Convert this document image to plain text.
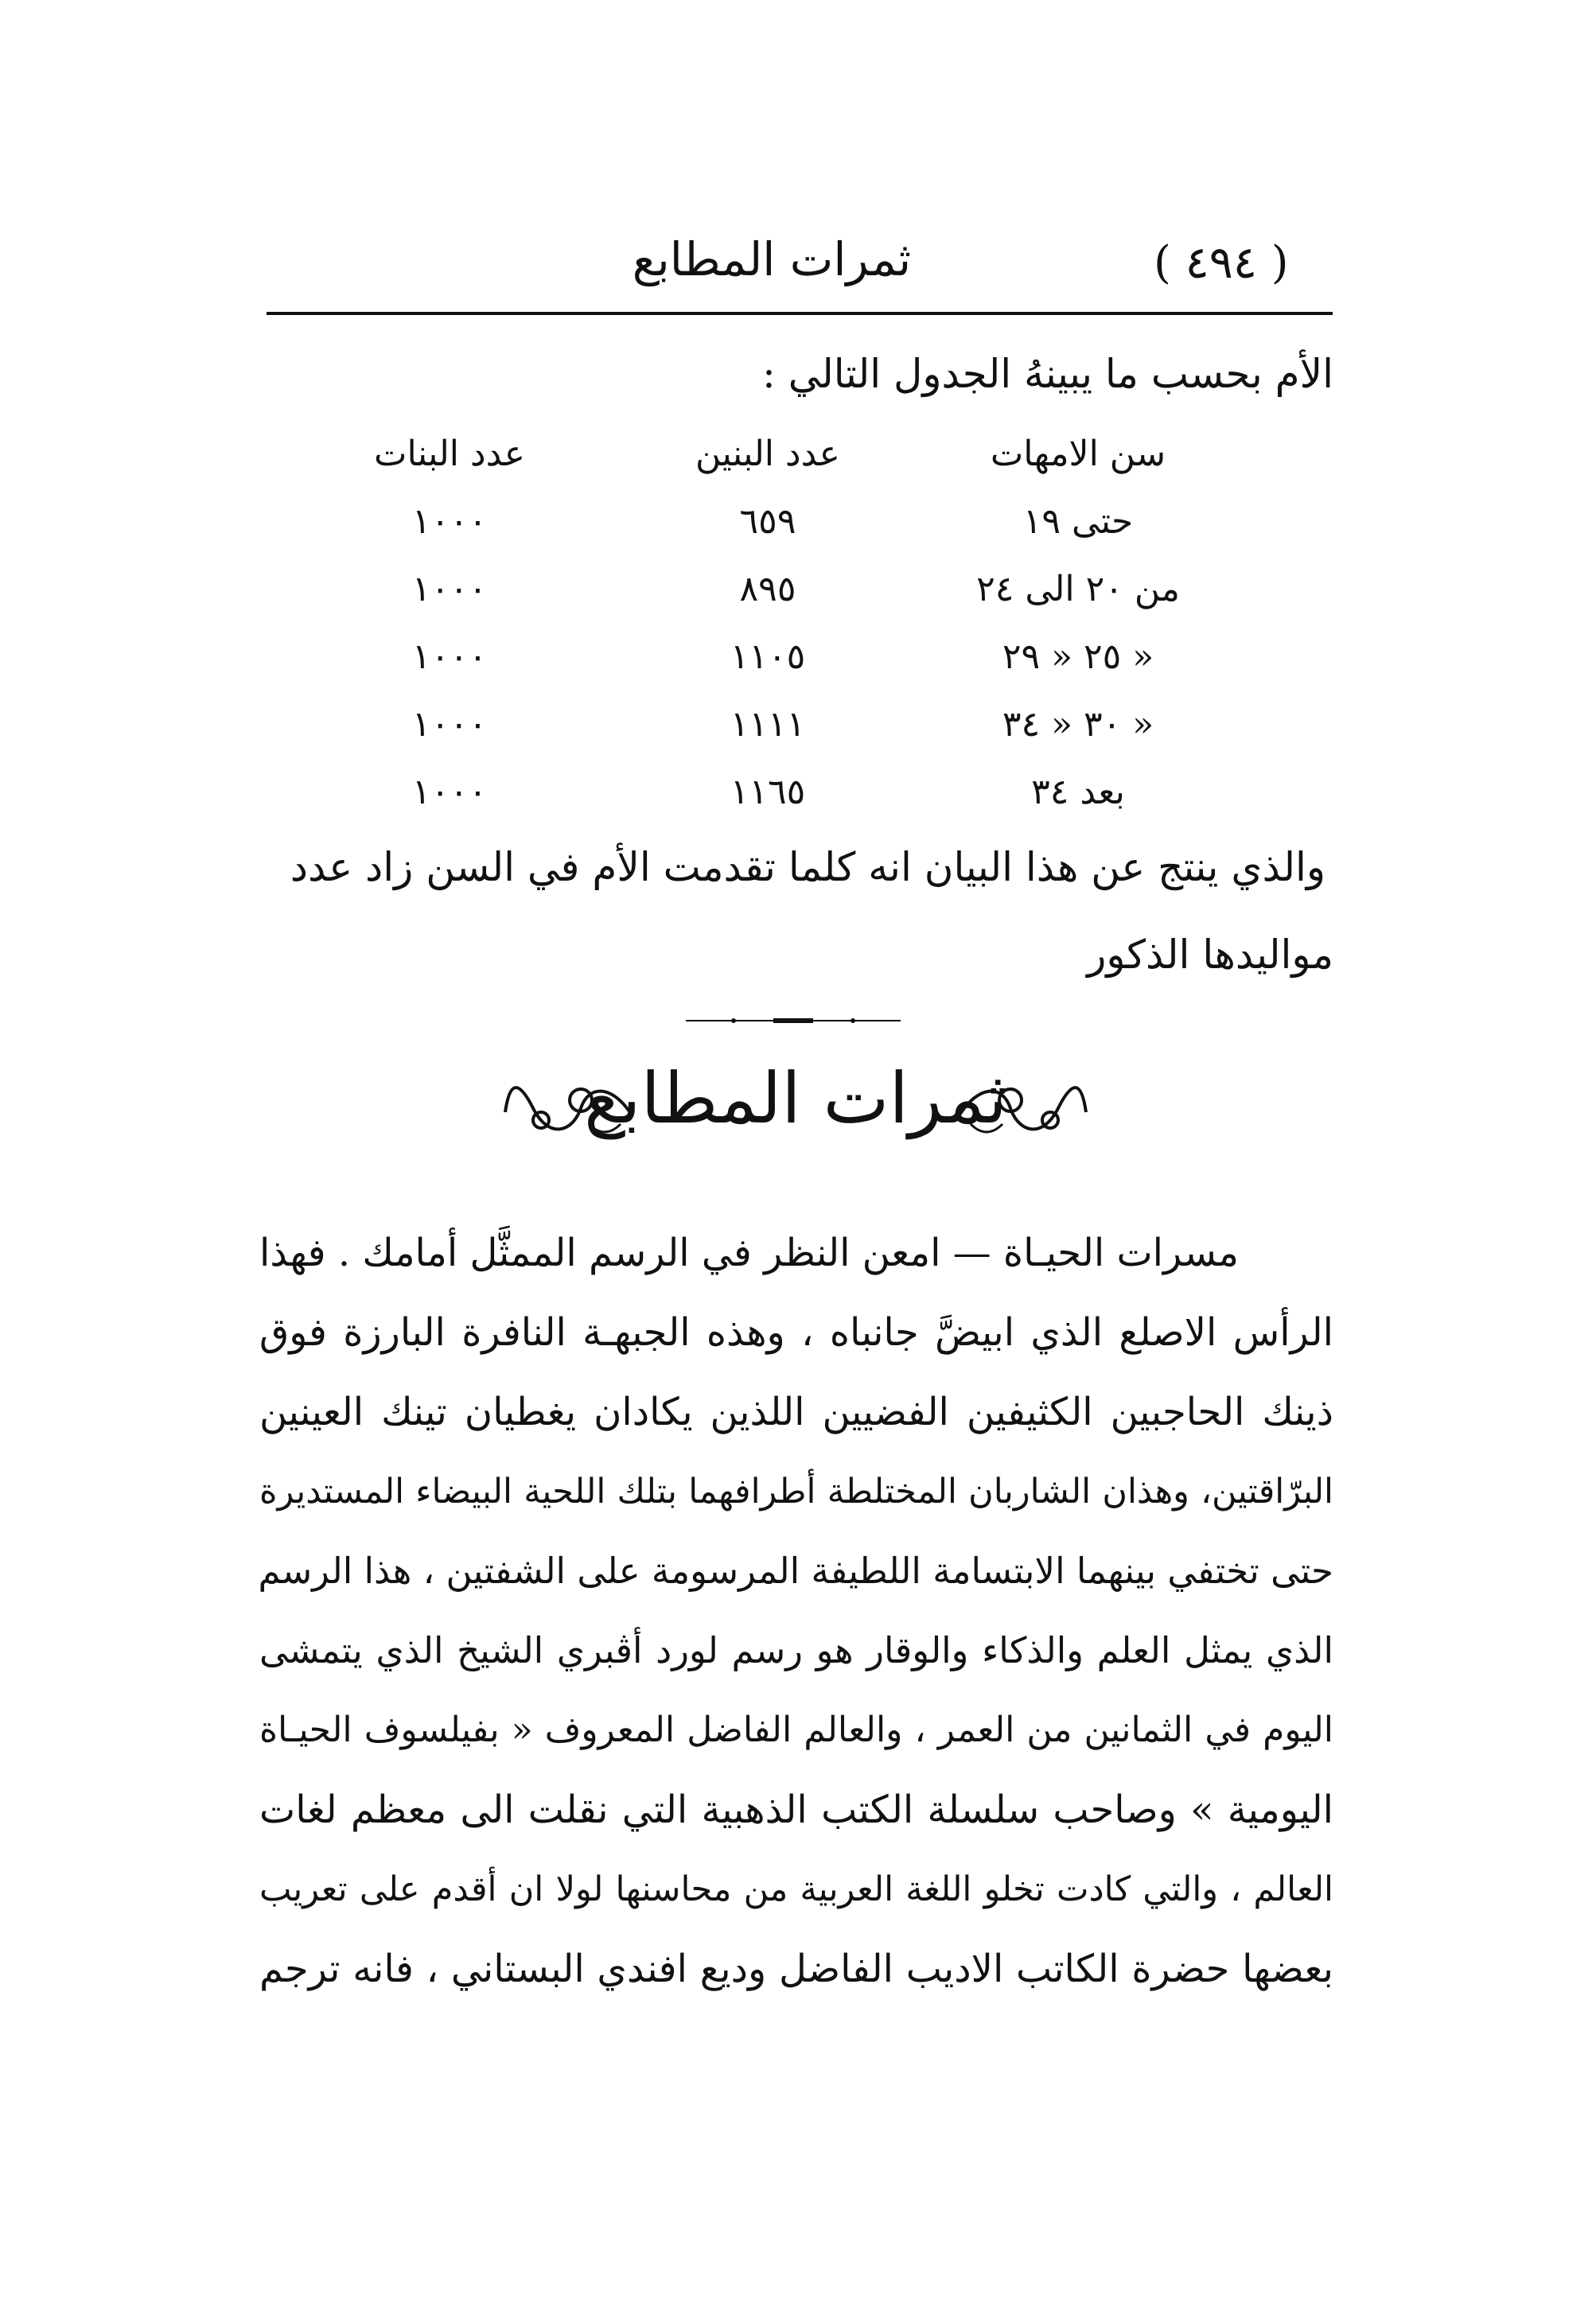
( ٤٩٤ )
ثمرات المطابع
الأم بحسب ما يبينهُ الجدول التالي :
سن الامهات
عدد البنين
عدد البنات
حتى ١٩
٦٥٩
١٠٠٠
من ٢٠ الى ٢٤
٨٩٥
١٠٠٠
« ٢٥ « ٢٩
١١٠٥
١٠٠٠
« ٣٠ « ٣٤
١١١١
١٠٠٠
بعد ٣٤
١١٦٥
١٠٠٠
والذي ينتج عن هذا البيان انه كلما تقدمت الأم في السن زاد عدد
مواليدها الذكور
ثمرات المطابع
مسرات الحيـاة — امعن النظر في الرسم الممثَّل أمامك . فهذا
الرأس الاصلع الذي ابيضَّ جانباه ، وهذه الجبهـة النافرة البارزة فوق
ذينك الحاجبين الكثيفين الفضيين اللذين يكادان يغطيان تينك العينين
البرّاقتين، وهذان الشاربان المختلطة أطرافهما بتلك اللحية البيضاء المستديرة
حتى تختفي بينهما الابتسامة اللطيفة المرسومة على الشفتين ، هذا الرسم
الذي يمثل العلم والذكاء والوقار هو رسم لورد أڤبري الشيخ الذي يتمشى
اليوم في الثمانين من العمر ، والعالم الفاضل المعروف « بفيلسوف الحيـاة
اليومية » وصاحب سلسلة الكتب الذهبية التي نقلت الى معظم لغات
العالم ، والتي كادت تخلو اللغة العربية من محاسنها لولا ان أقدم على تعريب
بعضها حضرة الكاتب الاديب الفاضل وديع افندي البستاني ، فانه ترجم
